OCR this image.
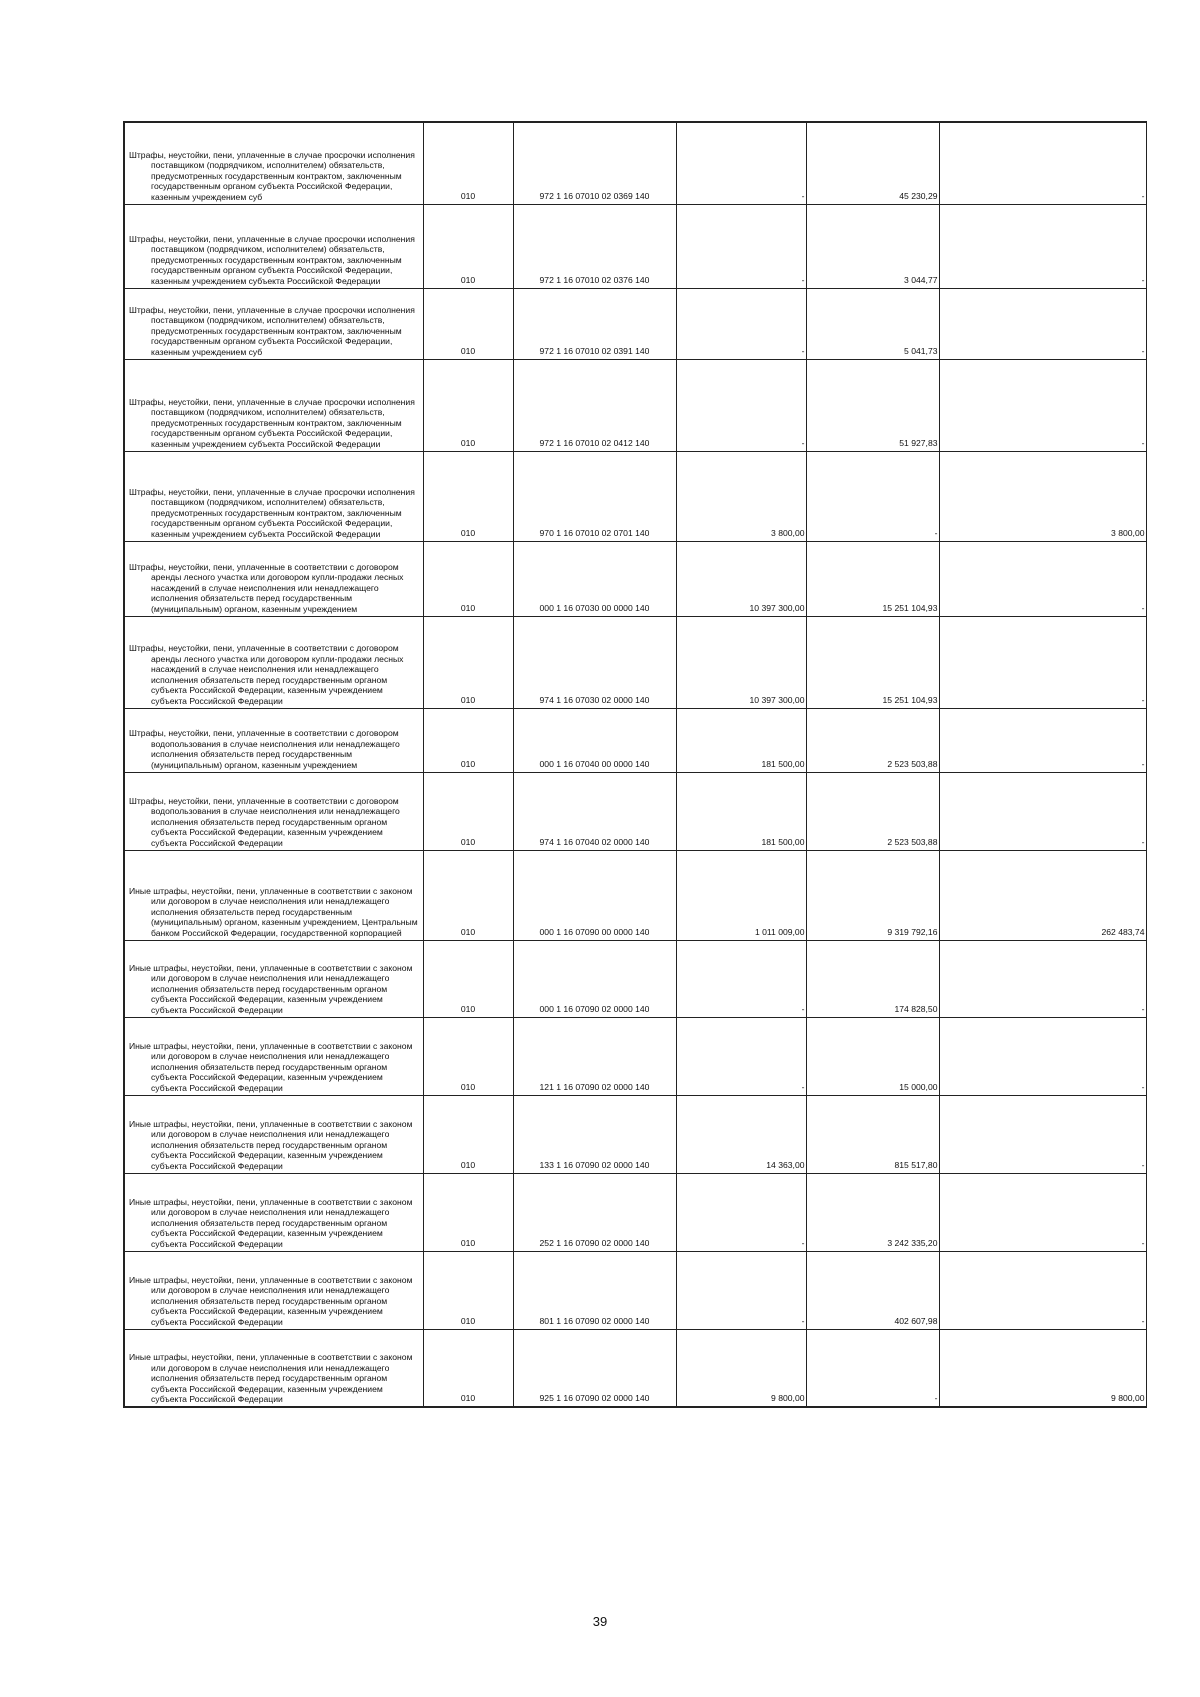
Штрафы, неустойки, пени, уплаченные в случае просрочки исполнения поставщиком (подрядчиком, исполнителем) обязательств, предусмотренных государственным контрактом, заключенным государственным органом субъекта Российской Федерации, казенным учреждением суб	010	972 1 16 07010 02 0369 140	-	45 230,29	-
Штрафы, неустойки, пени, уплаченные в случае просрочки исполнения поставщиком (подрядчиком, исполнителем) обязательств, предусмотренных государственным контрактом, заключенным государственным органом субъекта Российской Федерации, казенным учреждением субъекта Российской Федерации	010	972 1 16 07010 02 0376 140	-	3 044,77	-
Штрафы, неустойки, пени, уплаченные в случае просрочки исполнения поставщиком (подрядчиком, исполнителем) обязательств, предусмотренных государственным контрактом, заключенным государственным органом субъекта Российской Федерации, казенным учреждением суб	010	972 1 16 07010 02 0391 140	-	5 041,73	-
Штрафы, неустойки, пени, уплаченные в случае просрочки исполнения поставщиком (подрядчиком, исполнителем) обязательств, предусмотренных государственным контрактом, заключенным государственным органом субъекта Российской Федерации, казенным учреждением субъекта Российской Федерации	010	972 1 16 07010 02 0412 140	-	51 927,83	-
Штрафы, неустойки, пени, уплаченные в случае просрочки исполнения поставщиком (подрядчиком, исполнителем) обязательств, предусмотренных государственным контрактом, заключенным государственным органом субъекта Российской Федерации, казенным учреждением субъекта Российской Федерации	010	970 1 16 07010 02 0701 140	3 800,00	-	3 800,00
Штрафы, неустойки, пени, уплаченные в соответствии с договором аренды лесного участка или договором купли-продажи лесных насаждений в случае неисполнения или ненадлежащего исполнения обязательств перед государственным (муниципальным) органом, казенным учреждением	010	000 1 16 07030 00 0000 140	10 397 300,00	15 251 104,93	-
Штрафы, неустойки, пени, уплаченные в соответствии с договором аренды лесного участка или договором купли-продажи лесных насаждений в случае неисполнения или ненадлежащего исполнения обязательств перед государственным органом субъекта Российской Федерации, казенным учреждением субъекта Российской Федерации	010	974 1 16 07030 02 0000 140	10 397 300,00	15 251 104,93	-
Штрафы, неустойки, пени, уплаченные в соответствии с договором водопользования в случае неисполнения или ненадлежащего исполнения обязательств перед государственным (муниципальным) органом, казенным учреждением	010	000 1 16 07040 00 0000 140	181 500,00	2 523 503,88	-
Штрафы, неустойки, пени, уплаченные в соответствии с договором водопользования в случае неисполнения или ненадлежащего исполнения обязательств перед государственным органом субъекта Российской Федерации, казенным учреждением субъекта Российской Федерации	010	974 1 16 07040 02 0000 140	181 500,00	2 523 503,88	-
Иные штрафы, неустойки, пени, уплаченные в соответствии с законом или договором в случае неисполнения или ненадлежащего исполнения обязательств перед государственным (муниципальным) органом, казенным учреждением, Центральным банком Российской Федерации, государственной корпорацией	010	000 1 16 07090 00 0000 140	1 011 009,00	9 319 792,16	262 483,74
Иные штрафы, неустойки, пени, уплаченные в соответствии с законом или договором в случае неисполнения или ненадлежащего исполнения обязательств перед государственным органом субъекта Российской Федерации, казенным учреждением субъекта Российской Федерации	010	000 1 16 07090 02 0000 140	-	174 828,50	-
Иные штрафы, неустойки, пени, уплаченные в соответствии с законом или договором в случае неисполнения или ненадлежащего исполнения обязательств перед государственным органом субъекта Российской Федерации, казенным учреждением субъекта Российской Федерации	010	121 1 16 07090 02 0000 140	-	15 000,00	-
Иные штрафы, неустойки, пени, уплаченные в соответствии с законом или договором в случае неисполнения или ненадлежащего исполнения обязательств перед государственным органом субъекта Российской Федерации, казенным учреждением субъекта Российской Федерации	010	133 1 16 07090 02 0000 140	14 363,00	815 517,80	-
Иные штрафы, неустойки, пени, уплаченные в соответствии с законом или договором в случае неисполнения или ненадлежащего исполнения обязательств перед государственным органом субъекта Российской Федерации, казенным учреждением субъекта Российской Федерации	010	252 1 16 07090 02 0000 140	-	3 242 335,20	-
Иные штрафы, неустойки, пени, уплаченные в соответствии с законом или договором в случае неисполнения или ненадлежащего исполнения обязательств перед государственным органом субъекта Российской Федерации, казенным учреждением субъекта Российской Федерации	010	801 1 16 07090 02 0000 140	-	402 607,98	-
Иные штрафы, неустойки, пени, уплаченные в соответствии с законом или договором в случае неисполнения или ненадлежащего исполнения обязательств перед государственным органом субъекта Российской Федерации, казенным учреждением субъекта Российской Федерации	010	925 1 16 07090 02 0000 140	9 800,00	-	9 800,00
39
